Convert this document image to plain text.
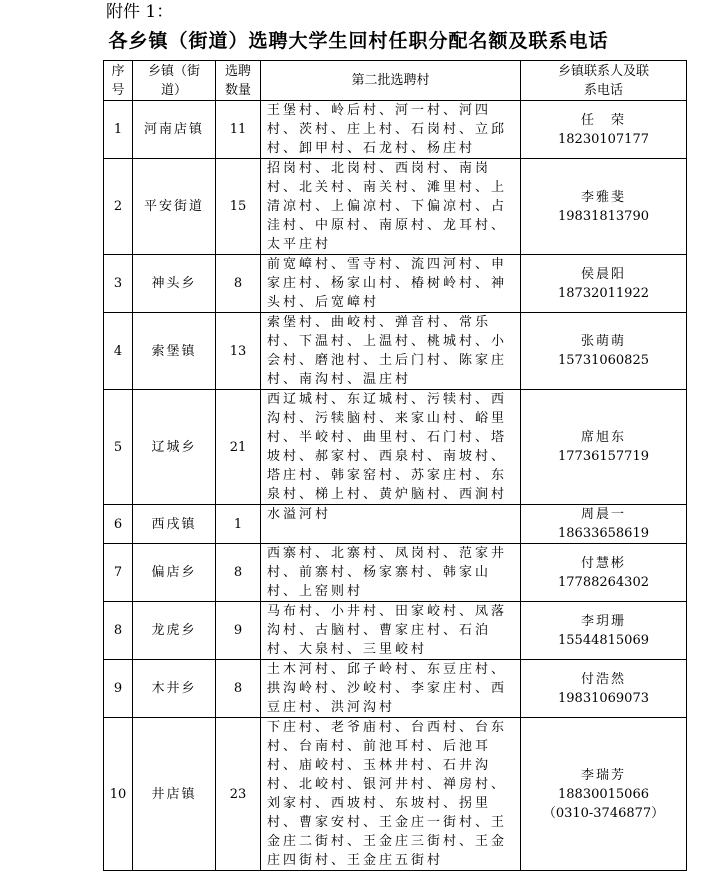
附件 1：
各乡镇（街道）选聘大学生回村任职分配名额及联系电话
序号	乡镇（街道）	选聘数量	第二批选聘村	乡镇联系人及联系电话

1	河南店镇	11	王堡村、岭后村、河一村、河四村、茨村、庄上村、石岗村、立邱村、卸甲村、石龙村、杨庄村	任　荣
18230107177

2	平安街道	15	招岗村、北岗村、西岗村、南岗村、北关村、南关村、滩里村、上清凉村、上偏凉村、下偏凉村、占洼村、中原村、南原村、龙耳村、太平庄村	李雅斐
19831813790

3	神头乡	8	前宽嶂村、雪寺村、流四河村、申家庄村、杨家山村、椿树岭村、神头村、后宽嶂村	侯晨阳
18732011922

4	索堡镇	13	索堡村、曲峧村、弹音村、常乐村、下温村、上温村、桃城村、小会村、磨池村、土后门村、陈家庄村、南沟村、温庄村	张萌萌
15731060825

5	辽城乡	21	西辽城村、东辽城村、污犊村、西沟村、污犊脑村、来家山村、峪里村、半峧村、曲里村、石门村、塔坡村、郝家村、西泉村、南坡村、塔庄村、韩家窑村、苏家庄村、东泉村、梯上村、黄炉脑村、西涧村	席旭东
17736157719

6	西戌镇	1	水溢河村	周晨一
18633658619

7	偏店乡	8	西寨村、北寨村、凤岗村、范家井村、前寨村、杨家寨村、韩家山村、上窑则村	付慧彬
17788264302

8	龙虎乡	9	马布村、小井村、田家峧村、凤落沟村、古脑村、曹家庄村、石泊村、大泉村、三里峧村	李玥珊
15544815069

9	木井乡	8	土木河村、邱子岭村、东豆庄村、拱沟岭村、沙峧村、李家庄村、西豆庄村、洪河沟村	付浩然
19831069073

10	井店镇	23	下庄村、老爷庙村、台西村、台东村、台南村、前池耳村、后池耳村、庙峧村、玉林井村、石井沟村、北峧村、银河井村、禅房村、刘家村、西坡村、东坡村、拐里村、曹家安村、王金庄一街村、王金庄二街村、王金庄三街村、王金庄四街村、王金庄五街村	李瑞芳
18830015066
（0310-3746877）
